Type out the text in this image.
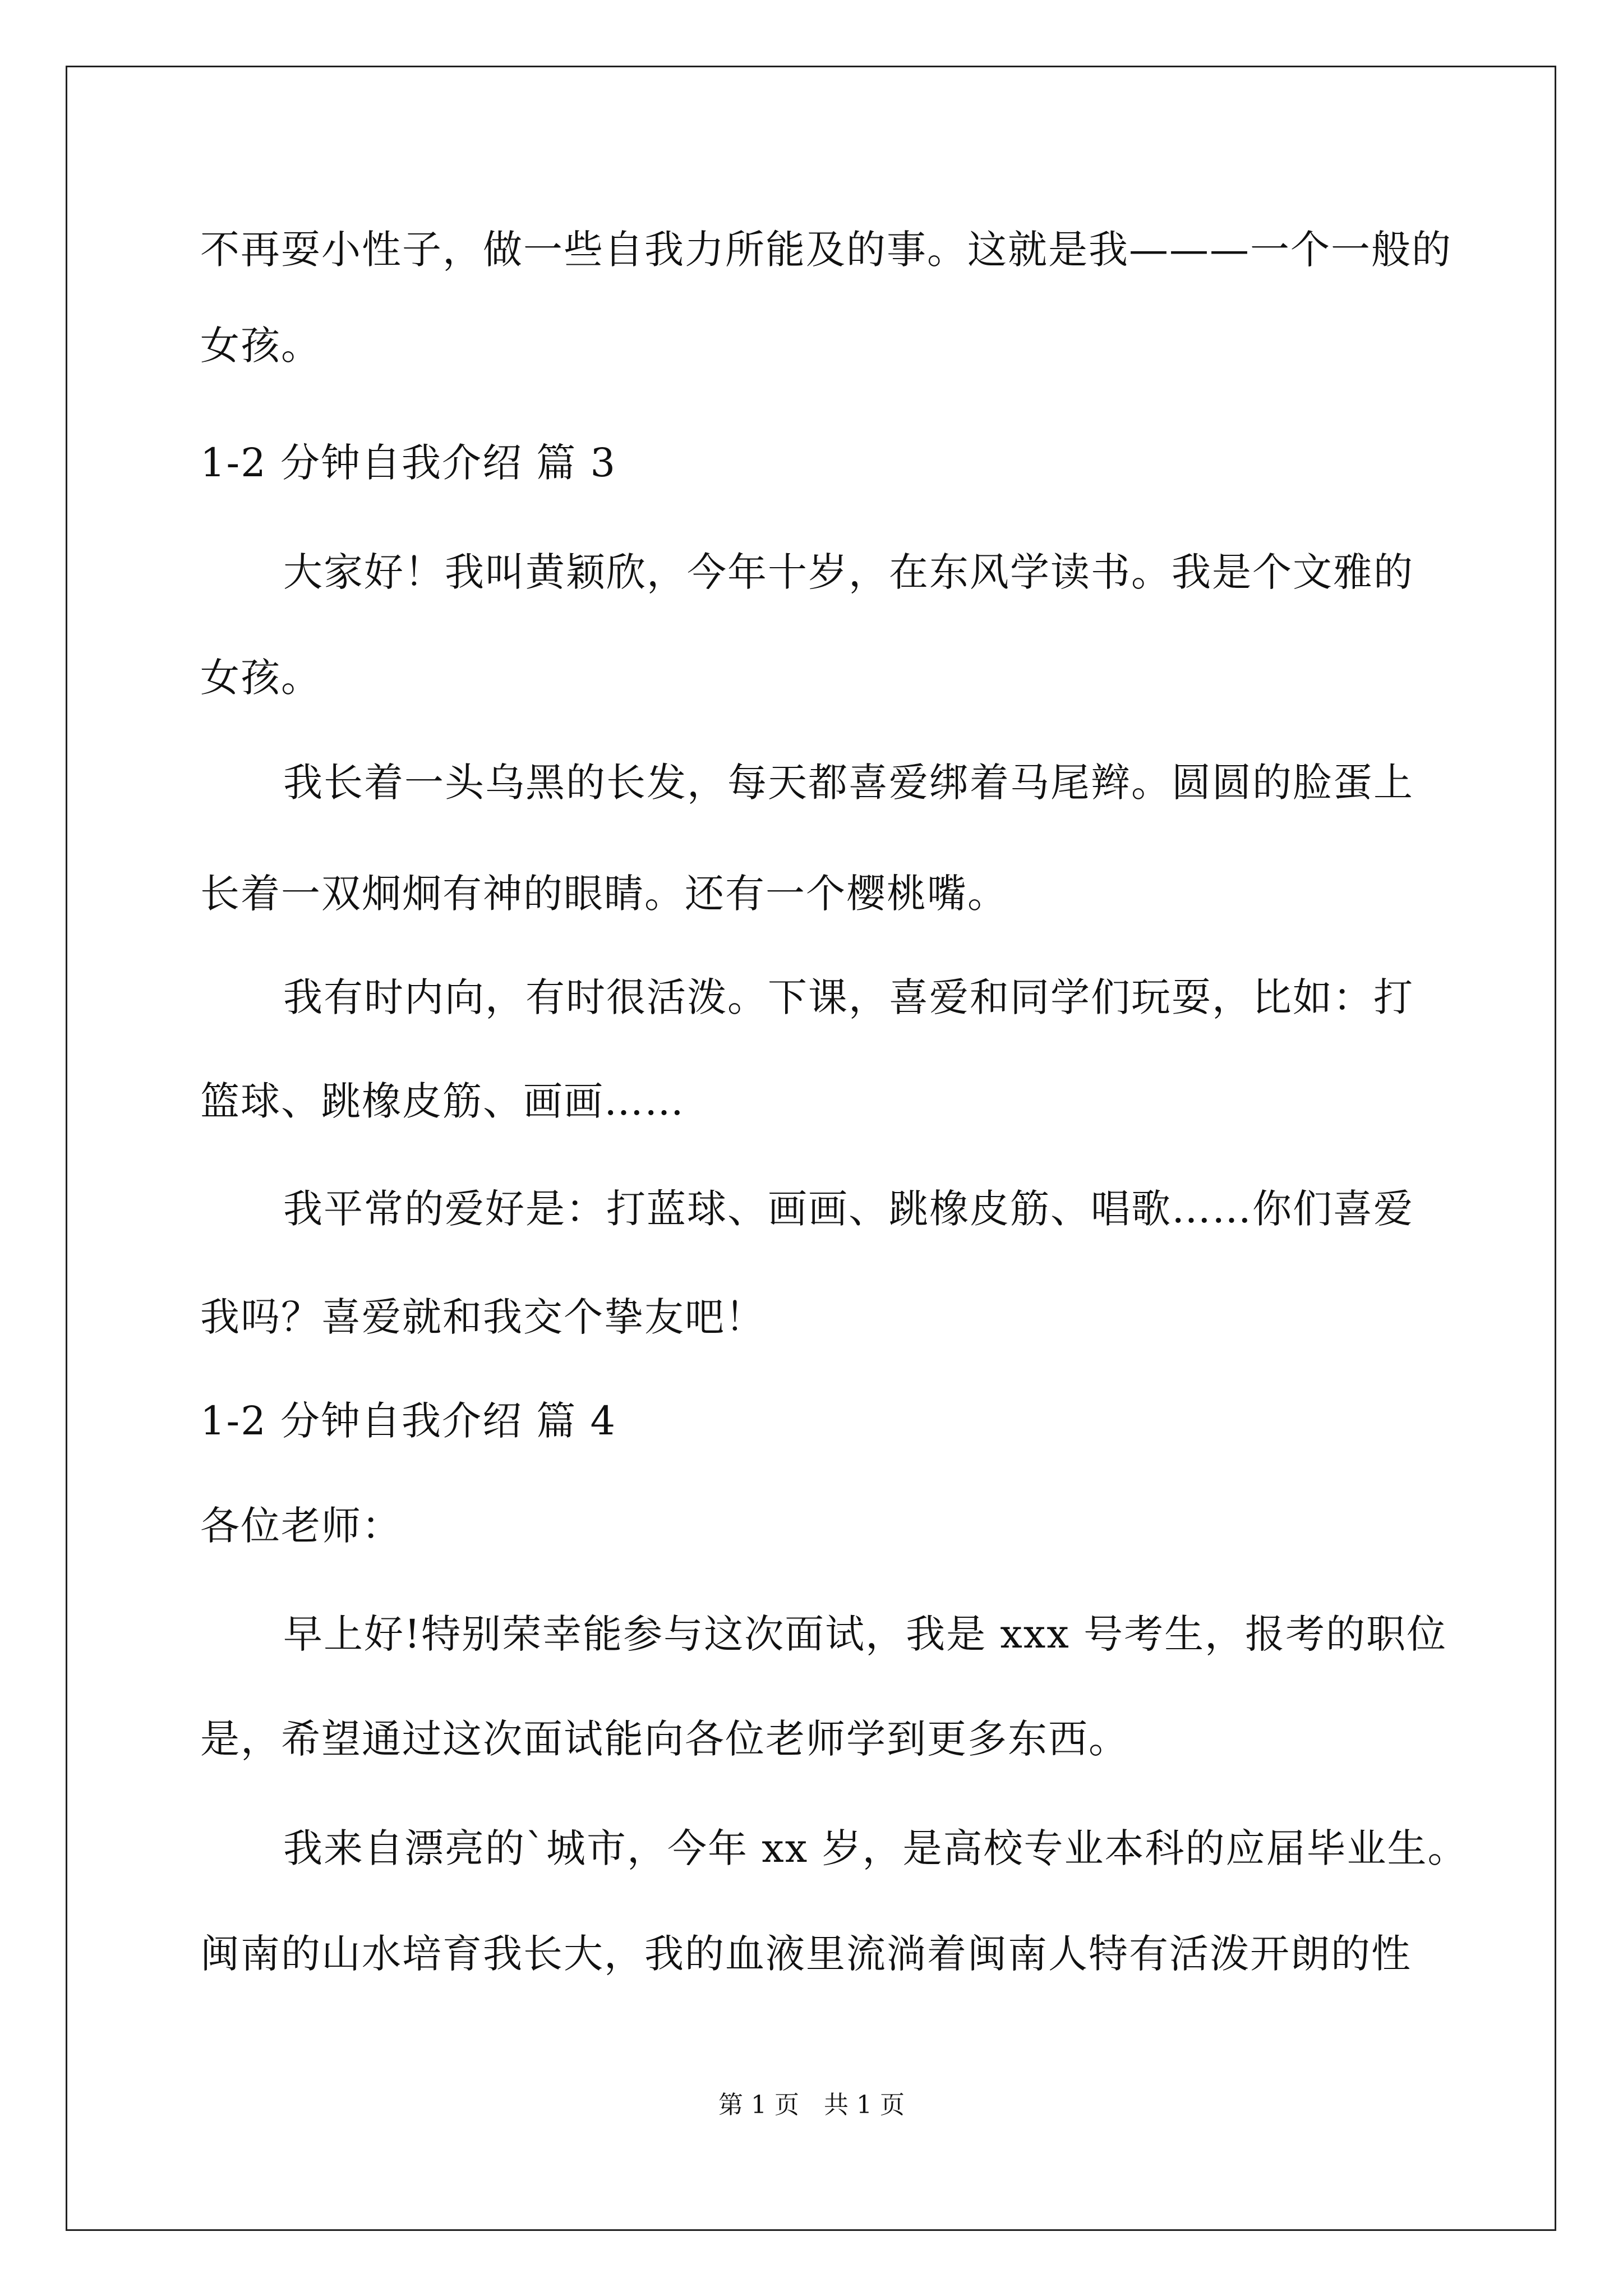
不再耍小性子，做一些自我力所能及的事。这就是我———一个一般的
女孩。
1-2 分钟自我介绍 篇 3
大家好！我叫黄颖欣，今年十岁，在东风学读书。我是个文雅的
女孩。
我长着一头乌黑的长发，每天都喜爱绑着马尾辫。圆圆的脸蛋上
长着一双炯炯有神的眼睛。还有一个樱桃嘴。
我有时内向，有时很活泼。下课，喜爱和同学们玩耍，比如：打
篮球、跳橡皮筋、画画……
我平常的爱好是：打蓝球、画画、跳橡皮筋、唱歌……你们喜爱
我吗？喜爱就和我交个挚友吧！
1-2 分钟自我介绍 篇 4
各位老师：
早上好!特别荣幸能参与这次面试，我是 xxx 号考生，报考的职位
是，希望通过这次面试能向各位老师学到更多东西。
我来自漂亮的`城市，今年 xx 岁，是高校专业本科的应届毕业生。
闽南的山水培育我长大，我的血液里流淌着闽南人特有活泼开朗的性
第 1 页　共 1 页
